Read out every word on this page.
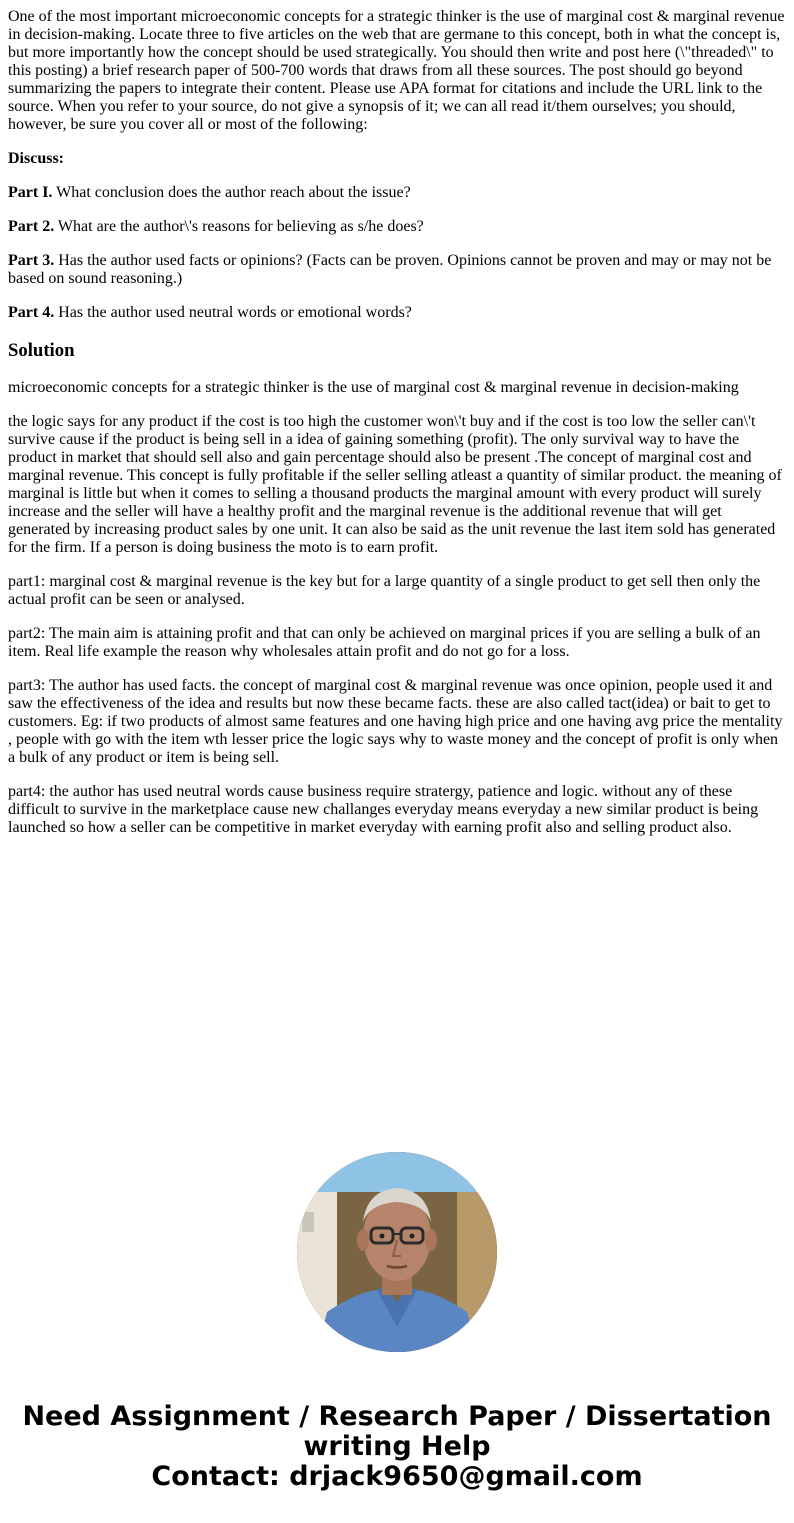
One of the most important microeconomic concepts for a strategic thinker is the use of marginal cost & marginal revenue in decision-making. Locate three to five articles on the web that are germane to this concept, both in what the concept is, but more importantly how the concept should be used strategically. You should then write and post here (\"threaded\" to this posting) a brief research paper of 500-700 words that draws from all these sources. The post should go beyond summarizing the papers to integrate their content. Please use APA format for citations and include the URL link to the source. When you refer to your source, do not give a synopsis of it; we can all read it/them ourselves; you should, however, be sure you cover all or most of the following:

Discuss:

Part I. What conclusion does the author reach about the issue?

Part 2. What are the author\'s reasons for believing as s/he does?

Part 3. Has the author used facts or opinions? (Facts can be proven. Opinions cannot be proven and may or may not be based on sound reasoning.)

Part 4. Has the author used neutral words or emotional words?

Solution

microeconomic concepts for a strategic thinker is the use of marginal cost & marginal revenue in decision-making

the logic says for any product if the cost is too high the customer won\'t buy and if the cost is too low the seller can\'t survive cause if the product is being sell in a idea of gaining something (profit). The only survival way to have the product in market that should sell also and gain percentage should also be present .The concept of marginal cost and marginal revenue. This concept is fully profitable if the seller selling atleast a quantity of similar product. the meaning of marginal is little but when it comes to selling a thousand products the marginal amount with every product will surely increase and the seller will have a healthy profit and the marginal revenue is the additional revenue that will get generated by increasing product sales by one unit. It can also be said as the unit revenue the last item sold has generated for the firm. If a person is doing business the moto is to earn profit.

part1: marginal cost & marginal revenue is the key but for a large quantity of a single product to get sell then only the actual profit can be seen or analysed.

part2: The main aim is attaining profit and that can only be achieved on marginal prices if you are selling a bulk of an item. Real life example the reason why wholesales attain profit and do not go for a loss.

part3: The author has used facts. the concept of marginal cost & marginal revenue was once opinion, people used it and saw the effectiveness of the idea and results but now these became facts. these are also called tact(idea) or bait to get to customers. Eg: if two products of almost same features and one having high price and one having avg price the mentality , people with go with the item wth lesser price the logic says why to waste money and the concept of profit is only when a bulk of any product or item is being sell.

part4: the author has used neutral words cause business require stratergy, patience and logic. without any of these difficult to survive in the marketplace cause new challanges everyday means everyday a new similar product is being launched so how a seller can be competitive in market everyday with earning profit also and selling product also.

Need Assignment / Research Paper / Dissertation
writing Help
Contact: drjack9650@gmail.com
